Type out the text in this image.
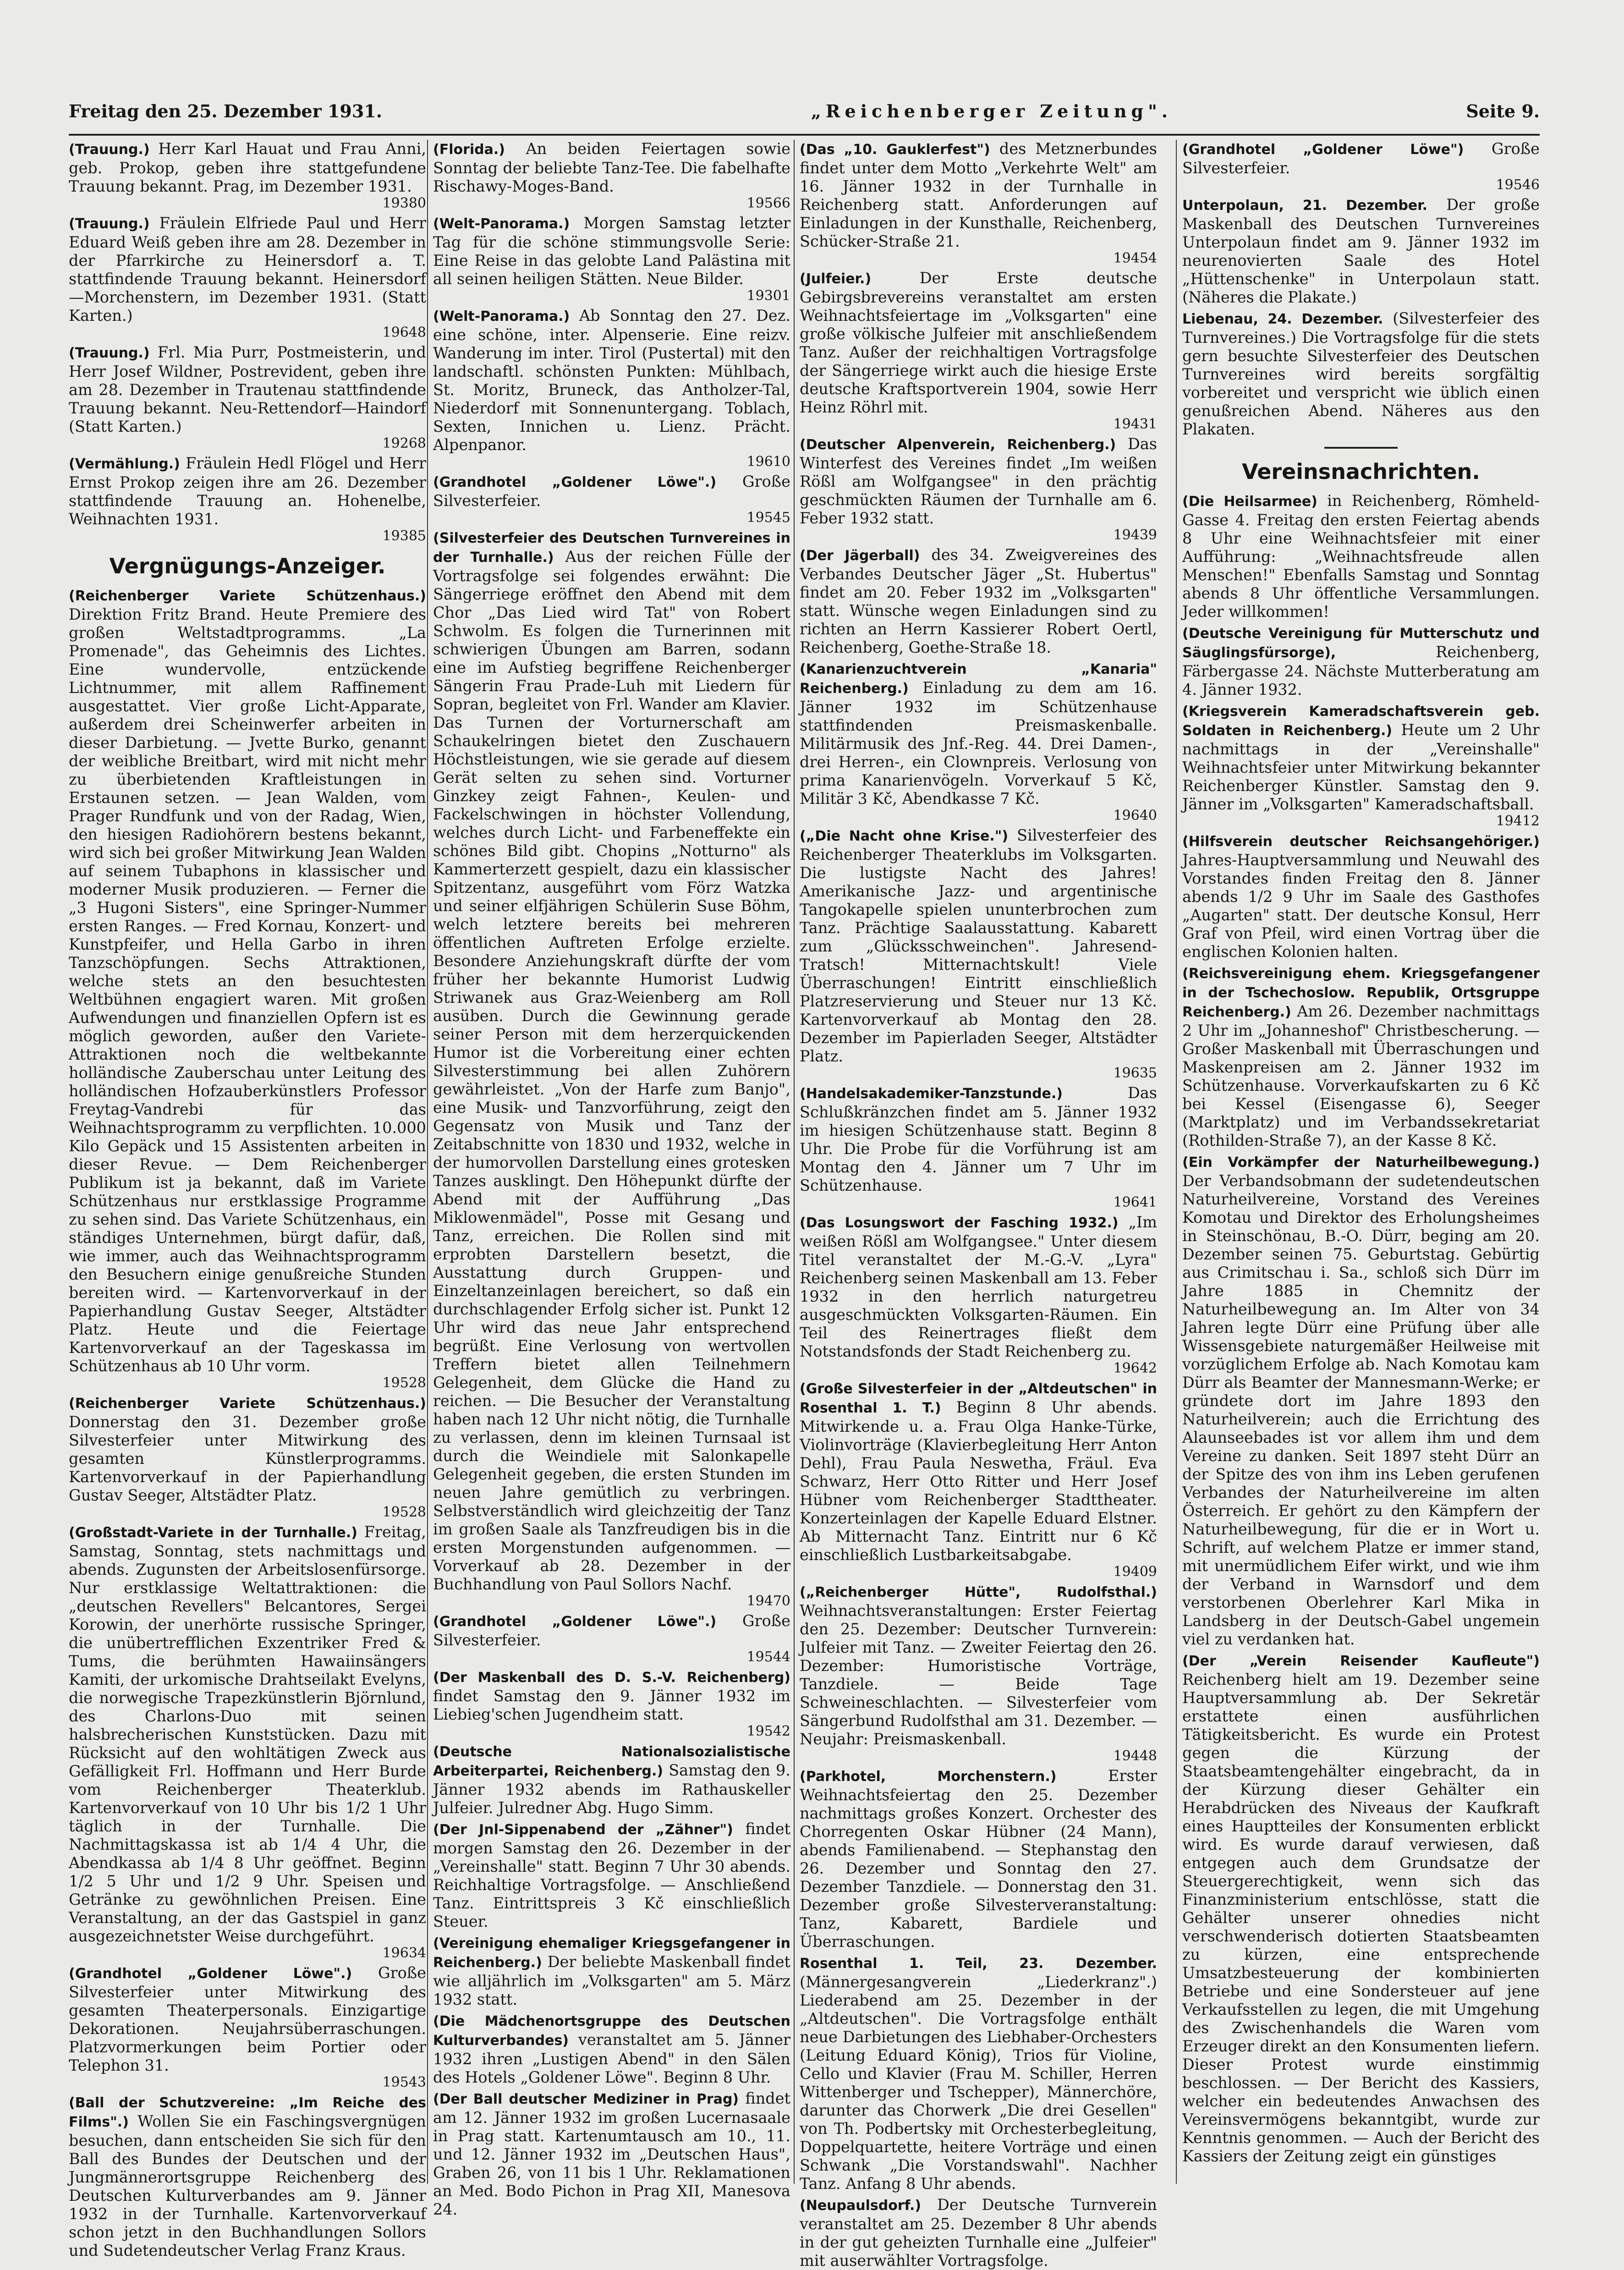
Freitag den 25. Dezember 1931.	„Reichenberger Zeitung".	Seite 9.

(Trauung.) Herr Karl Hauat und Frau Anni, geb. Prokop, geben ihre stattgefundene Trauung bekannt. Prag, im Dezember 1931.
19380

(Trauung.) Fräulein Elfriede Paul und Herr Eduard Weiß geben ihre am 28. Dezember in der Pfarrkirche zu Heinersdorf a. T. stattfindende Trauung bekannt. Heinersdorf—Morchenstern, im Dezember 1931. (Statt Karten.)
19648

(Trauung.) Frl. Mia Purr, Postmeisterin, und Herr Josef Wildner, Postrevident, geben ihre am 28. Dezember in Trautenau stattfindende Trauung bekannt. Neu-Rettendorf—Haindorf (Statt Karten.)
19268

(Vermählung.) Fräulein Hedl Flögel und Herr Ernst Prokop zeigen ihre am 26. Dezember stattfindende Trauung an. Hohenelbe, Weihnachten 1931.
19385

Vergnügungs-Anzeiger.

(Reichenberger Variete Schützenhaus.) Direktion Fritz Brand. Heute Premiere des großen Weltstadtprogramms. „La Promenade", das Geheimnis des Lichtes. Eine wundervolle, entzückende Lichtnummer, mit allem Raffinement ausgestattet. Vier große Licht-Apparate, außerdem drei Scheinwerfer arbeiten in dieser Darbietung. — Jvette Burko, genannt der weibliche Breitbart, wird mit nicht mehr zu überbietenden Kraftleistungen in Erstaunen setzen. — Jean Walden, vom Prager Rundfunk und von der Radag, Wien, den hiesigen Radiohörern bestens bekannt, wird sich bei großer Mitwirkung Jean Walden auf seinem Tubaphons in klassischer und moderner Musik produzieren. — Ferner die „3 Hugoni Sisters", eine Springer-Nummer ersten Ranges. — Fred Kornau, Konzert- und Kunstpfeifer, und Hella Garbo in ihren Tanzschöpfungen. Sechs Attraktionen, welche stets an den besuchtesten Weltbühnen engagiert waren. Mit großen Aufwendungen und finanziellen Opfern ist es möglich geworden, außer den Variete-Attraktionen noch die weltbekannte holländische Zauberschau unter Leitung des holländischen Hofzauberkünstlers Professor Freytag-Vandrebi für das Weihnachtsprogramm zu verpflichten. 10.000 Kilo Gepäck und 15 Assistenten arbeiten in dieser Revue. — Dem Reichenberger Publikum ist ja bekannt, daß im Variete Schützenhaus nur erstklassige Programme zu sehen sind. Das Variete Schützenhaus, ein ständiges Unternehmen, bürgt dafür, daß, wie immer, auch das Weihnachtsprogramm den Besuchern einige genußreiche Stunden bereiten wird. — Kartenvorverkauf in der Papierhandlung Gustav Seeger, Altstädter Platz. Heute und die Feiertage Kartenvorverkauf an der Tageskassa im Schützenhaus ab 10 Uhr vorm.
19528

(Reichenberger Variete Schützenhaus.) Donnerstag den 31. Dezember große Silvesterfeier unter Mitwirkung des gesamten Künstlerprogramms. Kartenvorverkauf in der Papierhandlung Gustav Seeger, Altstädter Platz.
19528

(Großstadt-Variete in der Turnhalle.) Freitag, Samstag, Sonntag, stets nachmittags und abends. Zugunsten der Arbeitslosenfürsorge. Nur erstklassige Weltattraktionen: die „deutschen Revellers" Belcantores, Sergei Korowin, der unerhörte russische Springer, die unübertrefflichen Exzentriker Fred & Tums, die berühmten Hawaiinsängers Kamiti, der urkomische Drahtseilakt Evelyns, die norwegische Trapezkünstlerin Björnlund, des Charlons-Duo mit seinen halsbrecherischen Kunststücken. Dazu mit Rücksicht auf den wohltätigen Zweck aus Gefälligkeit Frl. Hoffmann und Herr Burde vom Reichenberger Theaterklub. Kartenvorverkauf von 10 Uhr bis 1/2 1 Uhr täglich in der Turnhalle. Die Nachmittagskassa ist ab 1/4 4 Uhr, die Abendkassa ab 1/4 8 Uhr geöffnet. Beginn 1/2 5 Uhr und 1/2 9 Uhr. Speisen und Getränke zu gewöhnlichen Preisen. Eine Veranstaltung, an der das Gastspiel in ganz ausgezeichnetster Weise durchgeführt.
19634

(Grandhotel „Goldener Löwe".) Große Silvesterfeier unter Mitwirkung des gesamten Theaterpersonals. Einzigartige Dekorationen. Neujahrsüberraschungen. Platzvormerkungen beim Portier oder Telephon 31.
19543

(Ball der Schutzvereine: „Im Reiche des Films".) Wollen Sie ein Faschingsvergnügen besuchen, dann entscheiden Sie sich für den Ball des Bundes der Deutschen und der Jungmännerortsgruppe Reichenberg des Deutschen Kulturverbandes am 9. Jänner 1932 in der Turnhalle. Kartenvorverkauf schon jetzt in den Buchhandlungen Sollors und Sudetendeutscher Verlag Franz Kraus.

(Florida.) An beiden Feiertagen sowie Sonntag der beliebte Tanz-Tee. Die fabelhafte Rischawy-Moges-Band.
19566

(Welt-Panorama.) Morgen Samstag letzter Tag für die schöne stimmungsvolle Serie: Eine Reise in das gelobte Land Palästina mit all seinen heiligen Stätten. Neue Bilder.
19301

(Welt-Panorama.) Ab Sonntag den 27. Dez. eine schöne, inter. Alpenserie. Eine reizv. Wanderung im inter. Tirol (Pustertal) mit den landschaftl. schönsten Punkten: Mühlbach, St. Moritz, Bruneck, das Antholzer-Tal, Niederdorf mit Sonnenuntergang. Toblach, Sexten, Innichen u. Lienz. Prächt. Alpenpanor.
19610

(Grandhotel „Goldener Löwe".) Große Silvesterfeier.
19545

(Silvesterfeier des Deutschen Turnvereines in der Turnhalle.) Aus der reichen Fülle der Vortragsfolge sei folgendes erwähnt: Die Sängerriege eröffnet den Abend mit dem Chor „Das Lied wird Tat" von Robert Schwolm. Es folgen die Turnerinnen mit schwierigen Übungen am Barren, sodann eine im Aufstieg begriffene Reichenberger Sängerin Frau Prade-Luh mit Liedern für Sopran, begleitet von Frl. Wander am Klavier. Das Turnen der Vorturnerschaft am Schaukelringen bietet den Zuschauern Höchstleistungen, wie sie gerade auf diesem Gerät selten zu sehen sind. Vorturner Ginzkey zeigt Fahnen-, Keulen- und Fackelschwingen in höchster Vollendung, welches durch Licht- und Farbeneffekte ein schönes Bild gibt. Chopins „Notturno" als Kammerterzett gespielt, dazu ein klassischer Spitzentanz, ausgeführt vom Förz Watzka und seiner elfjährigen Schülerin Suse Böhm, welch letztere bereits bei mehreren öffentlichen Auftreten Erfolge erzielte. Besondere Anziehungskraft dürfte der vom früher her bekannte Humorist Ludwig Striwanek aus Graz-Weienberg am Roll ausüben. Durch die Gewinnung gerade seiner Person mit dem herzerquickenden Humor ist die Vorbereitung einer echten Silvesterstimmung bei allen Zuhörern gewährleistet. „Von der Harfe zum Banjo", eine Musik- und Tanzvorführung, zeigt den Gegensatz von Musik und Tanz der Zeitabschnitte von 1830 und 1932, welche in der humorvollen Darstellung eines grotesken Tanzes ausklingt. Den Höhepunkt dürfte der Abend mit der Aufführung „Das Miklowenmädel", Posse mit Gesang und Tanz, erreichen. Die Rollen sind mit erprobten Darstellern besetzt, die Ausstattung durch Gruppen- und Einzeltanzeinlagen bereichert, so daß ein durchschlagender Erfolg sicher ist. Punkt 12 Uhr wird das neue Jahr entsprechend begrüßt. Eine Verlosung von wertvollen Treffern bietet allen Teilnehmern Gelegenheit, dem Glücke die Hand zu reichen. — Die Besucher der Veranstaltung haben nach 12 Uhr nicht nötig, die Turnhalle zu verlassen, denn im kleinen Turnsaal ist durch die Weindiele mit Salonkapelle Gelegenheit gegeben, die ersten Stunden im neuen Jahre gemütlich zu verbringen. Selbstverständlich wird gleichzeitig der Tanz im großen Saale als Tanzfreudigen bis in die ersten Morgenstunden aufgenommen. — Vorverkauf ab 28. Dezember in der Buchhandlung von Paul Sollors Nachf.
19470

(Grandhotel „Goldener Löwe".) Große Silvesterfeier.
19544

(Der Maskenball des D. S.-V. Reichenberg) findet Samstag den 9. Jänner 1932 im Liebieg'schen Jugendheim statt.
19542

(Deutsche Nationalsozialistische Arbeiterpartei, Reichenberg.) Samstag den 9. Jänner 1932 abends im Rathauskeller Julfeier. Julredner Abg. Hugo Simm.

(Der Jnl-Sippenabend der „Zähner") findet morgen Samstag den 26. Dezember in der „Vereinshalle" statt. Beginn 7 Uhr 30 abends. Reichhaltige Vortragsfolge. — Anschließend Tanz. Eintrittspreis 3 Kč einschließlich Steuer.

(Vereinigung ehemaliger Kriegsgefangener in Reichenberg.) Der beliebte Maskenball findet wie alljährlich im „Volksgarten" am 5. März 1932 statt.

(Die Mädchenortsgruppe des Deutschen Kulturverbandes) veranstaltet am 5. Jänner 1932 ihren „Lustigen Abend" in den Sälen des Hotels „Goldener Löwe". Beginn 8 Uhr.

(Der Ball deutscher Mediziner in Prag) findet am 12. Jänner 1932 im großen Lucernasaale in Prag statt. Kartenumtausch am 10., 11. und 12. Jänner 1932 im „Deutschen Haus", Graben 26, von 11 bis 1 Uhr. Reklamationen an Med. Bodo Pichon in Prag XII, Manesova 24.

(Das „10. Gauklerfest") des Metznerbundes findet unter dem Motto „Verkehrte Welt" am 16. Jänner 1932 in der Turnhalle in Reichenberg statt. Anforderungen auf Einladungen in der Kunsthalle, Reichenberg, Schücker-Straße 21.
19454

(Julfeier.)	Der Erste deutsche Gebirgsbrevereins veranstaltet am ersten Weihnachtsfeiertage im „Volksgarten" eine große völkische Julfeier mit anschließendem Tanz. Außer der reichhaltigen Vortragsfolge der Sängerriege wirkt auch die hiesige Erste deutsche Kraftsportverein 1904, sowie Herr Heinz Röhrl mit.
19431

(Deutscher Alpenverein, Reichenberg.) Das Winterfest des Vereines findet „Im weißen Rößl am Wolfgangsee" in den prächtig geschmückten Räumen der Turnhalle am 6. Feber 1932 statt.
19439

(Der Jägerball) des 34. Zweigvereines des Verbandes Deutscher Jäger „St. Hubertus" findet am 20. Feber 1932 im „Volksgarten" statt. Wünsche wegen Einladungen sind zu richten an Herrn Kassierer Robert Oertl, Reichenberg, Goethe-Straße 18.

(Kanarienzuchtverein „Kanaria" Reichenberg.) Einladung zu dem am 16. Jänner 1932 im Schützenhause stattfindenden Preismaskenballe. Militärmusik des Jnf.-Reg. 44. Drei Damen-, drei Herren-, ein Clownpreis. Verlosung von prima Kanarienvögeln. Vorverkauf 5 Kč, Militär 3 Kč, Abendkasse 7 Kč.
19640

(„Die Nacht ohne Krise.") Silvesterfeier des Reichenberger Theaterklubs im Volksgarten. Die lustigste Nacht des Jahres! Amerikanische Jazz- und argentinische Tangokapelle spielen ununterbrochen zum Tanz. Prächtige Saalausstattung. Kabarett zum „Glücksschweinchen". Jahresend-Tratsch! Mitternachtskult! Viele Überraschungen! Eintritt einschließlich Platzreservierung und Steuer nur 13 Kč. Kartenvorverkauf ab Montag den 28. Dezember im Papierladen Seeger, Altstädter Platz.
19635

(Handelsakademiker-Tanzstunde.)	Das Schlußkränzchen findet am 5. Jänner 1932 im hiesigen Schützenhause statt. Beginn 8 Uhr. Die Probe für die Vorführung ist am Montag den 4. Jänner um 7 Uhr im Schützenhause.
19641

(Das Losungswort der Fasching 1932.) „Im weißen Rößl am Wolfgangsee." Unter diesem Titel veranstaltet der M.-G.-V. „Lyra" Reichenberg seinen Maskenball am 13. Feber 1932 in den herrlich naturgetreu ausgeschmückten Volksgarten-Räumen. Ein Teil des Reinertrages fließt dem Notstandsfonds der Stadt Reichenberg zu.
19642

(Große Silvesterfeier in der „Altdeutschen" in Rosenthal 1. T.) Beginn 8 Uhr abends. Mitwirkende u. a. Frau Olga Hanke-Türke, Violinvorträge (Klavierbegleitung Herr Anton Dehl), Frau Paula Neswetha, Fräul. Eva Schwarz, Herr Otto Ritter und Herr Josef Hübner vom Reichenberger Stadttheater. Konzerteinlagen der Kapelle Eduard Elstner. Ab Mitternacht Tanz. Eintritt nur 6 Kč einschließlich Lustbarkeitsabgabe.
19409

(„Reichenberger Hütte", Rudolfsthal.) Weihnachtsveranstaltungen: Erster Feiertag den 25. Dezember: Deutscher Turnverein: Julfeier mit Tanz. — Zweiter Feiertag den 26. Dezember: Humoristische Vorträge, Tanzdiele. — Beide Tage Schweineschlachten. — Silvesterfeier vom Sängerbund Rudolfsthal am 31. Dezember. — Neujahr: Preismaskenball.
19448

(Parkhotel, Morchenstern.)	Erster Weihnachtsfeiertag den 25. Dezember nachmittags großes Konzert. Orchester des Chorregenten Oskar Hübner (24 Mann), abends Familienabend. — Stephanstag den 26. Dezember und Sonntag den 27. Dezember Tanzdiele. — Donnerstag den 31. Dezember große Silvesterveranstaltung: Tanz, Kabarett, Bardiele und Überraschungen.

Rosenthal 1. Teil, 23. Dezember. (Männergesangverein „Liederkranz".) Liederabend am 25. Dezember in der „Altdeutschen". Die Vortragsfolge enthält neue Darbietungen des Liebhaber-Orchesters (Leitung Eduard König), Trios für Violine, Cello und Klavier (Frau M. Schiller, Herren Wittenberger und Tschepper), Männerchöre, darunter das Chorwerk „Die drei Gesellen" von Th. Podbertsky mit Orchesterbegleitung, Doppelquartette, heitere Vorträge und einen Schwank „Die Vorstandswahl". Nachher Tanz. Anfang 8 Uhr abends.

(Neupaulsdorf.) Der Deutsche Turnverein veranstaltet am 25. Dezember 8 Uhr abends in der gut geheizten Turnhalle eine „Julfeier" mit auserwählter Vortragsfolge.

(Grandhotel „Goldener Löwe") Große Silvesterfeier.
19546

Unterpolaun, 21. Dezember. Der große Maskenball des Deutschen Turnvereines Unterpolaun findet am 9. Jänner 1932 im neurenovierten Saale des Hotel „Hüttenschenke" in Unterpolaun statt. (Näheres die Plakate.)

Liebenau, 24. Dezember. (Silvesterfeier des Turnvereines.) Die Vortragsfolge für die stets gern besuchte Silvesterfeier des Deutschen Turnvereines wird bereits sorgfältig vorbereitet und verspricht wie üblich einen genußreichen Abend. Näheres aus den Plakaten.

Vereinsnachrichten.

(Die Heilsarmee) in Reichenberg, Römheld-Gasse 4. Freitag den ersten Feiertag abends 8 Uhr eine Weihnachtsfeier mit einer Aufführung: „Weihnachtsfreude allen Menschen!" Ebenfalls Samstag und Sonntag abends 8 Uhr öffentliche Versammlungen. Jeder willkommen!

(Deutsche Vereinigung für Mutterschutz und Säuglingsfürsorge),	Reichenberg, Färbergasse 24. Nächste Mutterberatung am 4. Jänner 1932.

(Kriegsverein Kameradschaftsverein geb. Soldaten in Reichenberg.) Heute um 2 Uhr nachmittags in der „Vereinshalle" Weihnachtsfeier unter Mitwirkung bekannter Reichenberger Künstler. Samstag den 9. Jänner im „Volksgarten" Kameradschaftsball.
19412

(Hilfsverein deutscher Reichsangehöriger.) Jahres-Hauptversammlung und Neuwahl des Vorstandes finden Freitag den 8. Jänner abends 1/2 9 Uhr im Saale des Gasthofes „Augarten" statt. Der deutsche Konsul, Herr Graf von Pfeil, wird einen Vortrag über die englischen Kolonien halten.

(Reichsvereinigung ehem. Kriegsgefangener in der Tschechoslow. Republik, Ortsgruppe Reichenberg.) Am 26. Dezember nachmittags 2 Uhr im „Johanneshof" Christbescherung. — Großer Maskenball mit Überraschungen und Maskenpreisen am 2. Jänner 1932 im Schützenhause. Vorverkaufskarten zu 6 Kč bei Kessel (Eisengasse 6), Seeger (Marktplatz) und im Verbandssekretariat (Rothilden-Straße 7), an der Kasse 8 Kč.

(Ein Vorkämpfer der Naturheilbewegung.) Der Verbandsobmann der sudetendeutschen Naturheilvereine, Vorstand des Vereines Komotau und Direktor des Erholungsheimes in Steinschönau, B.-O. Dürr, beging am 20. Dezember seinen 75. Geburtstag. Gebürtig aus Crimitschau i. Sa., schloß sich Dürr im Jahre 1885 in Chemnitz der Naturheilbewegung an. Im Alter von 34 Jahren legte Dürr eine Prüfung über alle Wissensgebiete naturgemäßer Heilweise mit vorzüglichem Erfolge ab. Nach Komotau kam Dürr als Beamter der Mannesmann-Werke; er gründete dort im Jahre 1893 den Naturheilverein; auch die Errichtung des Alaunseebades ist vor allem ihm und dem Vereine zu danken. Seit 1897 steht Dürr an der Spitze des von ihm ins Leben gerufenen Verbandes der Naturheilvereine im alten Österreich. Er gehört zu den Kämpfern der Naturheilbewegung, für die er in Wort u. Schrift, auf welchem Platze er immer stand, mit unermüdlichem Eifer wirkt, und wie ihm der Verband in Warnsdorf und dem verstorbenen Oberlehrer Karl Mika in Landsberg in der Deutsch-Gabel ungemein viel zu verdanken hat.

(Der „Verein Reisender Kaufleute") Reichenberg hielt am 19. Dezember seine Hauptversammlung ab. Der Sekretär erstattete einen ausführlichen Tätigkeitsbericht. Es wurde ein Protest gegen die Kürzung der Staatsbeamtengehälter eingebracht, da in der Kürzung dieser Gehälter ein Herabdrücken des Niveaus der Kaufkraft eines Hauptteiles der Konsumenten erblickt wird. Es wurde darauf verwiesen, daß entgegen auch dem Grundsatze der Steuergerechtigkeit, wenn sich das Finanzministerium entschlösse, statt die Gehälter unserer ohnedies nicht verschwenderisch dotierten Staatsbeamten zu kürzen, eine entsprechende Umsatzbesteuerung der kombinierten Betriebe und eine Sondersteuer auf jene Verkaufsstellen zu legen, die mit Umgehung des Zwischenhandels die Waren vom Erzeuger direkt an den Konsumenten liefern. Dieser Protest wurde einstimmig beschlossen. — Der Bericht des Kassiers, welcher ein bedeutendes Anwachsen des Vereinsvermögens bekanntgibt, wurde zur Kenntnis genommen. — Auch der Bericht des Kassiers der Zeitung zeigt ein günstiges
